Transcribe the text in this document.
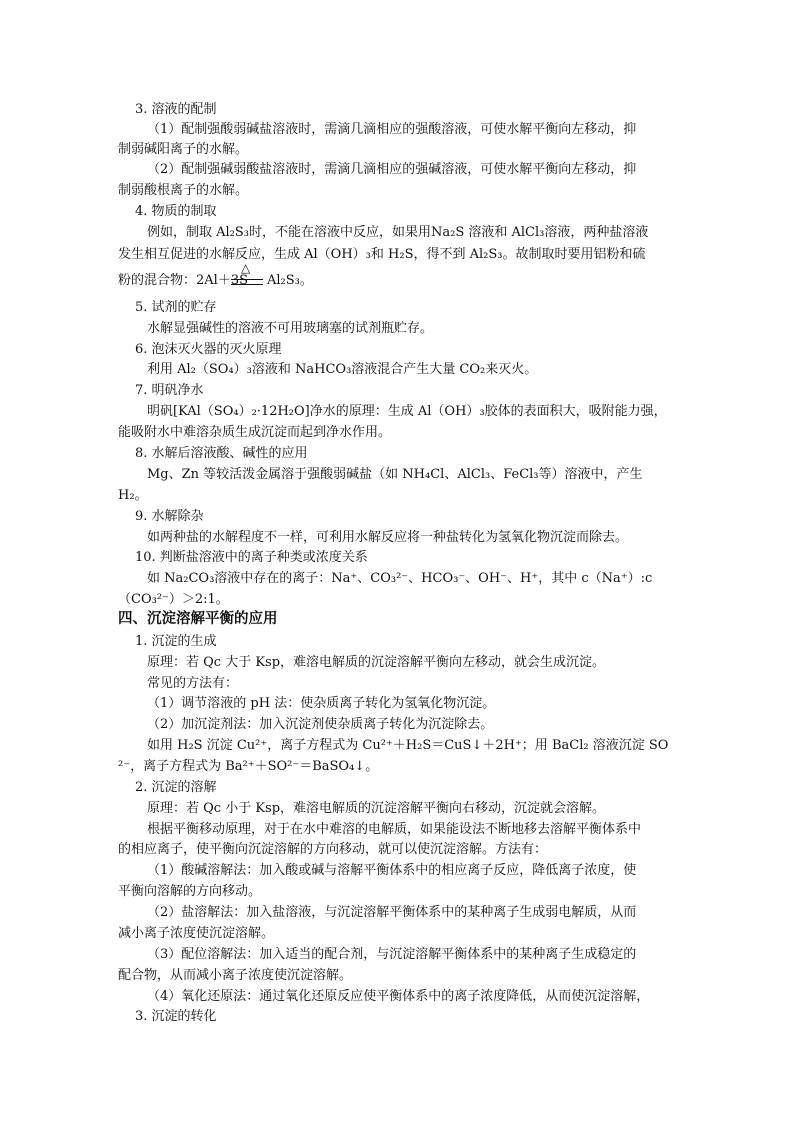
3. 溶液的配制
（1）配制强酸弱碱盐溶液时，需滴几滴相应的强酸溶液，可使水解平衡向左移动，抑
制弱碱阳离子的水解。
（2）配制强碱弱酸盐溶液时，需滴几滴相应的强碱溶液，可使水解平衡向左移动，抑
制弱酸根离子的水解。
4. 物质的制取
例如，制取 Al₂S₃时，不能在溶液中反应，如果用Na₂S 溶液和 AlCl₃溶液，两种盐溶液
发生相互促进的水解反应，生成 Al（OH）₃和 H₂S，得不到 Al₂S₃。故制取时要用铝粉和硫
粉的混合物：2Al＋3S
△
Al₂S₃。
5. 试剂的贮存
水解显强碱性的溶液不可用玻璃塞的试剂瓶贮存。
6. 泡沫灭火器的灭火原理
利用 Al₂（SO₄）₃溶液和 NaHCO₃溶液混合产生大量 CO₂来灭火。
7. 明矾净水
明矾[KAl（SO₄）₂·12H₂O]净水的原理：生成 Al（OH）₃胶体的表面积大，吸附能力强，
能吸附水中难溶杂质生成沉淀而起到净水作用。
8. 水解后溶液酸、碱性的应用
Mg、Zn 等较活泼金属溶于强酸弱碱盐（如 NH₄Cl、AlCl₃、FeCl₃等）溶液中，产生
H₂。
9. 水解除杂
如两种盐的水解程度不一样，可利用水解反应将一种盐转化为氢氧化物沉淀而除去。
10. 判断盐溶液中的离子种类或浓度关系
如 Na₂CO₃溶液中存在的离子：Na⁺、CO₃²⁻、HCO₃⁻、OH⁻、H⁺，其中 c（Na⁺）:c
（CO₃²⁻）＞2:1。
四、沉淀溶解平衡的应用
1. 沉淀的生成
原理：若 Qc 大于 Ksp，难溶电解质的沉淀溶解平衡向左移动，就会生成沉淀。
常见的方法有：
（1）调节溶液的 pH 法：使杂质离子转化为氢氧化物沉淀。
（2）加沉淀剂法：加入沉淀剂使杂质离子转化为沉淀除去。
如用 H₂S 沉淀 Cu²⁺，离子方程式为 Cu²⁺＋H₂S＝CuS↓＋2H⁺；用 BaCl₂ 溶液沉淀 SO
²⁻，离子方程式为 Ba²⁺＋SO²⁻＝BaSO₄↓。
2. 沉淀的溶解
原理：若 Qc 小于 Ksp，难溶电解质的沉淀溶解平衡向右移动，沉淀就会溶解。
根据平衡移动原理，对于在水中难溶的电解质，如果能设法不断地移去溶解平衡体系中
的相应离子，使平衡向沉淀溶解的方向移动，就可以使沉淀溶解。方法有：
（1）酸碱溶解法：加入酸或碱与溶解平衡体系中的相应离子反应，降低离子浓度，使
平衡向溶解的方向移动。
（2）盐溶解法：加入盐溶液，与沉淀溶解平衡体系中的某种离子生成弱电解质，从而
减小离子浓度使沉淀溶解。
（3）配位溶解法：加入适当的配合剂，与沉淀溶解平衡体系中的某种离子生成稳定的
配合物，从而减小离子浓度使沉淀溶解。
（4）氧化还原法：通过氧化还原反应使平衡体系中的离子浓度降低，从而使沉淀溶解，
3. 沉淀的转化
